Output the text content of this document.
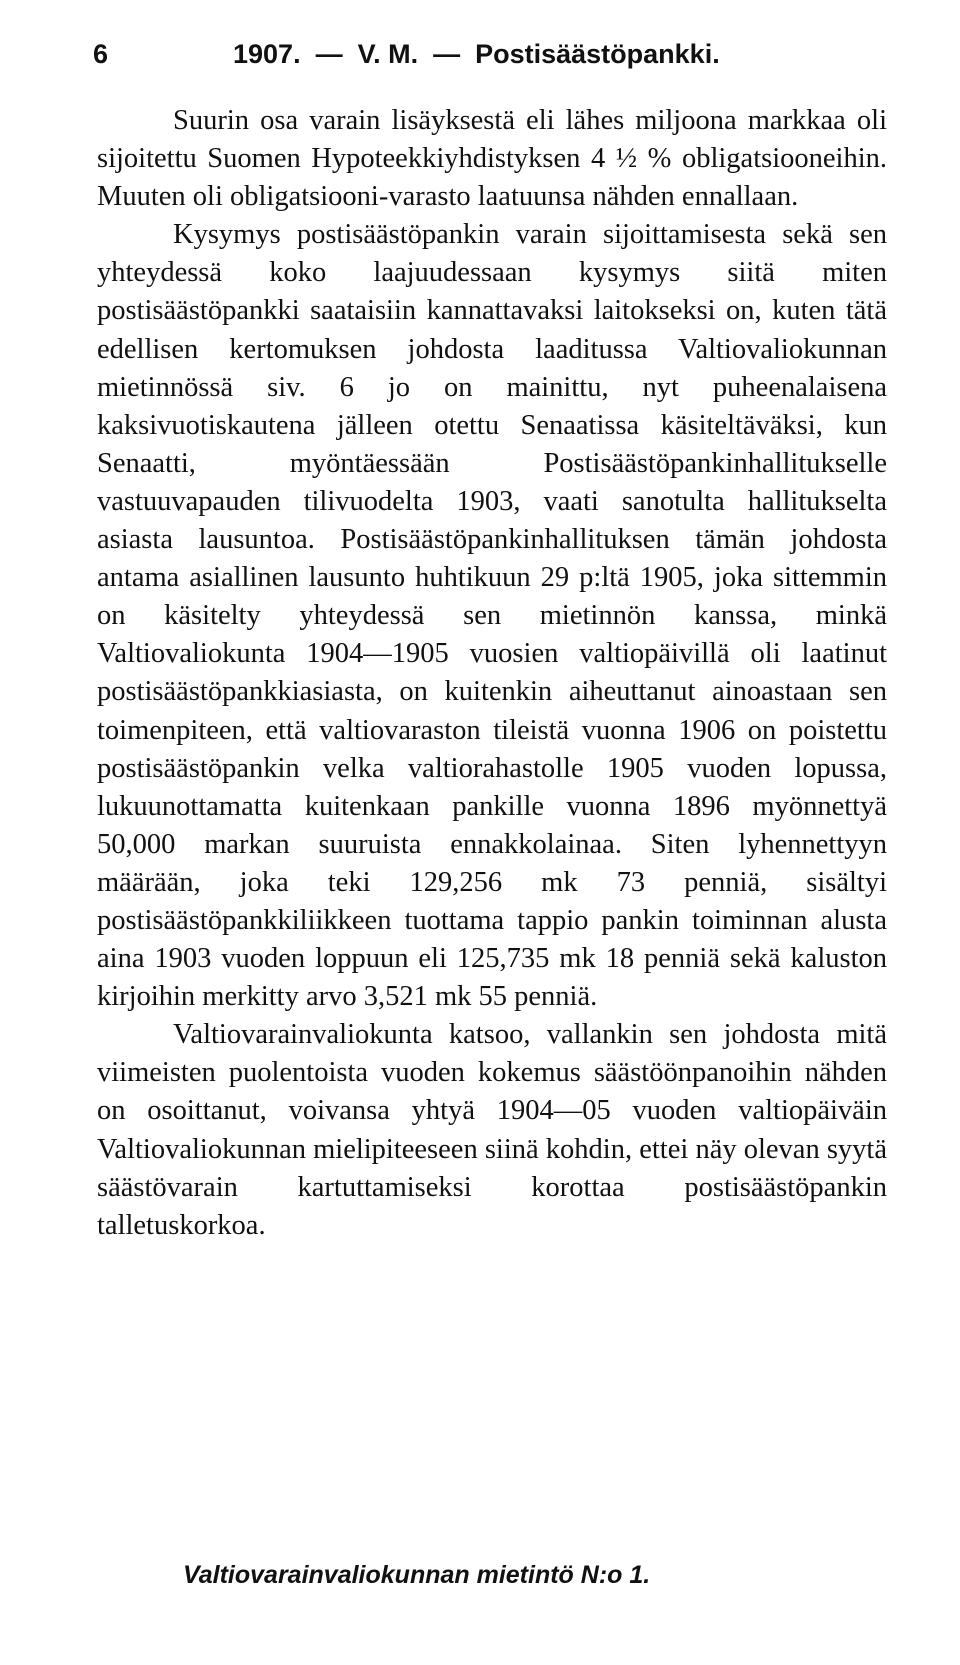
6	1907.  —  V. M.  —  Postisäästöpankki.

Suurin osa varain lisäyksestä eli lähes miljoona markkaa oli sijoitettu Suomen Hypoteekkiyhdistyksen 4 ½ % obligatsiooneihin. Muuten oli obligatsiooni-varasto laatuunsa nähden ennallaan.

Kysymys postisäästöpankin varain sijoittamisesta sekä sen yhteydessä koko laajuudessaan kysymys siitä miten postisäästöpankki saataisiin kannattavaksi laitokseksi on, kuten tätä edellisen kertomuksen johdosta laaditussa Valtiovaliokunnan mietinnössä siv. 6 jo on mainittu, nyt puheenalaisena kaksivuotiskautena jälleen otettu Senaatissa käsiteltäväksi, kun Senaatti, myöntäessään Postisäästöpankinhallitukselle vastuuvapauden tilivuodelta 1903, vaati sanotulta hallitukselta asiasta lausuntoa. Postisäästöpankinhallituksen tämän johdosta antama asiallinen lausunto huhtikuun 29 p:ltä 1905, joka sittemmin on käsitelty yhteydessä sen mietinnön kanssa, minkä Valtiovaliokunta 1904—1905 vuosien valtiopäivillä oli laatinut postisäästöpankkiasiasta, on kuitenkin aiheuttanut ainoastaan sen toimenpiteen, että valtiovaraston tileistä vuonna 1906 on poistettu postisäästöpankin velka valtiorahastolle 1905 vuoden lopussa, lukuunottamatta kuitenkaan pankille vuonna 1896 myönnettyä 50,000 markan suuruista ennakkolainaa. Siten lyhennettyyn määrään, joka teki 129,256 mk 73 penniä, sisältyi postisäästöpankkiliikkeen tuottama tappio pankin toiminnan alusta aina 1903 vuoden loppuun eli 125,735 mk 18 penniä sekä kaluston kirjoihin merkitty arvo 3,521 mk 55 penniä.

Valtiovarainvaliokunta katsoo, vallankin sen johdosta mitä viimeisten puolentoista vuoden kokemus säästöönpanoihin nähden on osoittanut, voivansa yhtyä 1904—05 vuoden valtiopäiväin Valtiovaliokunnan mielipiteeseen siinä kohdin, ettei näy olevan syytä säästövarain kartuttamiseksi korottaa postisäästöpankin talletuskorkoa.

Valtiovarainvaliokunnan mietintö N:o 1.
